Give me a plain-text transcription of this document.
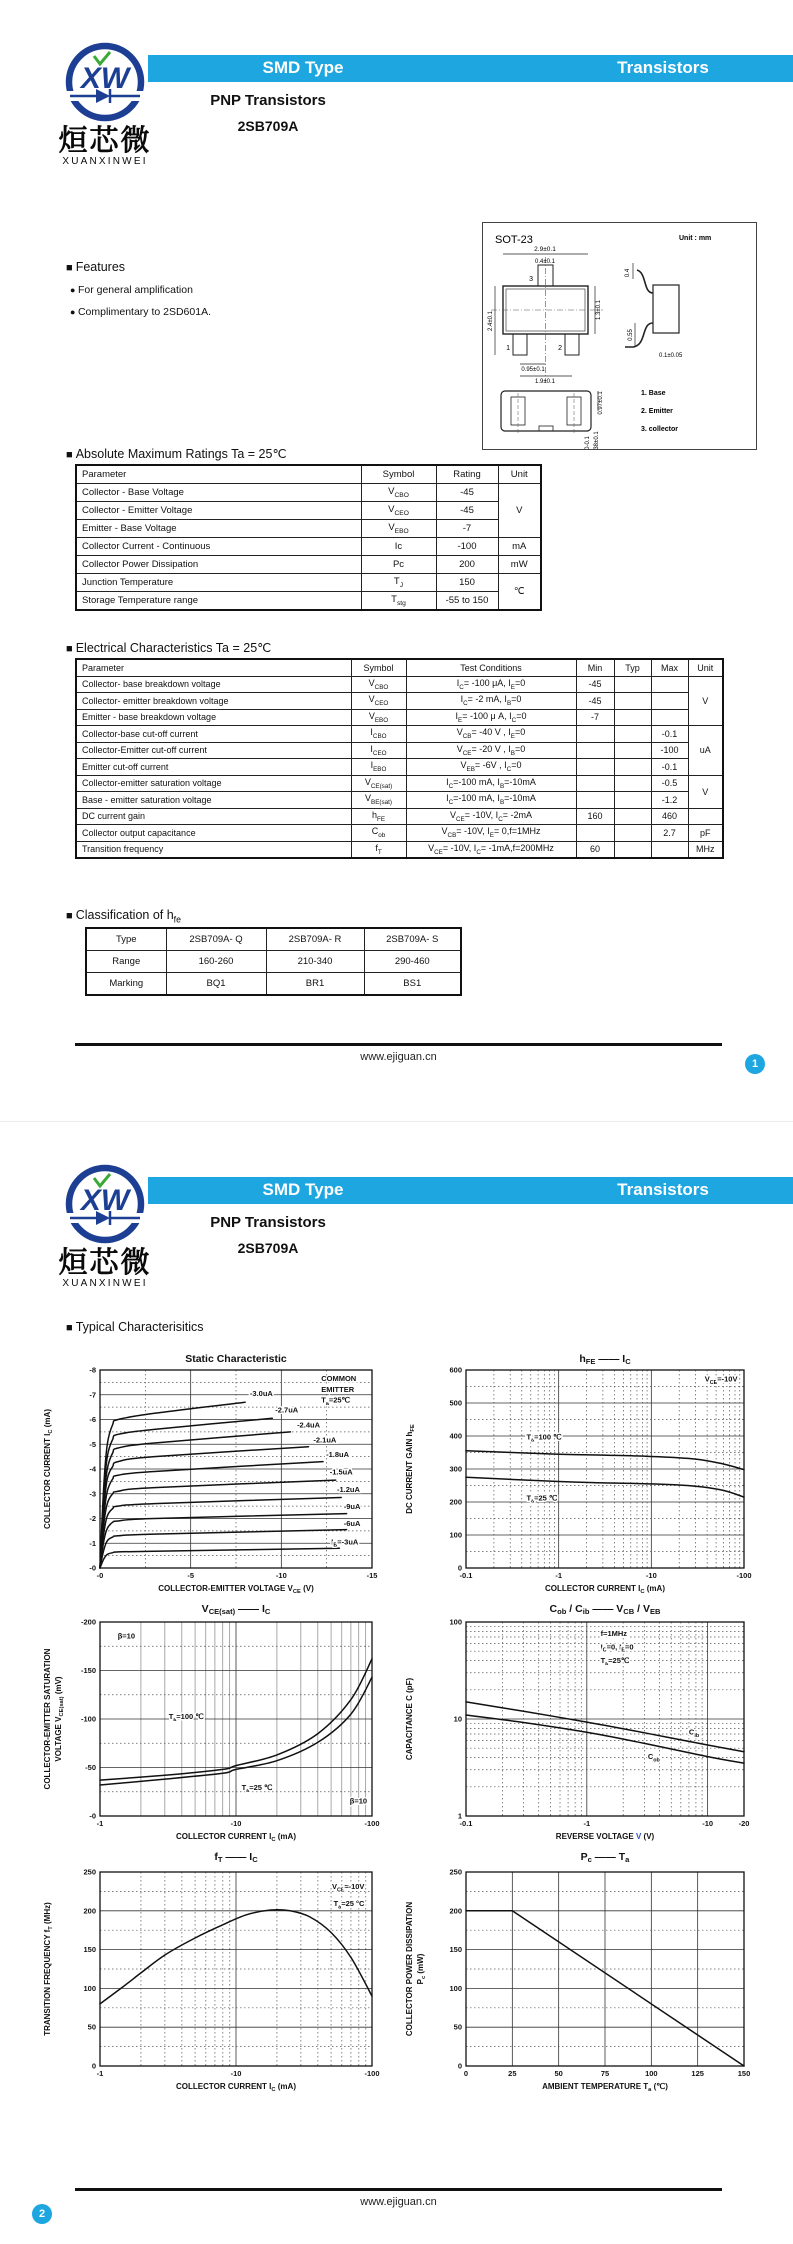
XW
烜芯微
XUANXINWEI
SMD Type	Transistors
PNP Transistors
2SB709A
■ Features
● For general amplification
● Complimentary to 2SD601A.
SOT-23	Unit : mm
2.9±0.1
0.4±0.1
3
1	2
2.4±0.1
1.3±0.1
0.95±0.1
1.9±0.1
0.4
0.55
0.1±0.05
0.97±0.1
0-0.1 0.38±0.1
1. Base
2. Emitter
3. collector
■ Absolute Maximum Ratings Ta = 25℃
Parameter	Symbol	Rating	Unit
Collector - Base Voltage	$V_{CBO}$	-45	V
Collector - Emitter Voltage	$V_{CEO}$	-45	
Emitter - Base Voltage	$V_{EBO}$	-7	
Collector Current - Continuous	Ic	-100	mA
Collector Power Dissipation	Pc	200	mW
Junction Temperature	$T_J$	150	℃
Storage Temperature range	$T_{stg}$	-55 to 150	
■ Electrical Characteristics Ta = 25℃
Parameter	Symbol	Test Conditions	Min	Typ	Max	Unit
Collector- base breakdown voltage	$V_{CBO}$	$I_C= -100$ μA, $I_E=0$	-45			V
Collector- emitter breakdown voltage	$V_{CEO}$	$I_C= -2$ mA, $I_B=0$	-45			
Emitter - base breakdown voltage	$V_{EBO}$	$I_E= -100$ μ A, $I_C=0$	-7			
Collector-base cut-off current	$I_{CBO}$	$V_{CB}= -40$ V , $I_E=0$			-0.1	uA
Collector-Emitter cut-off current	$I_{CEO}$	$V_{CE}= -20$ V , $I_B=0$			-100	
Emitter cut-off current	$I_{EBO}$	$V_{EB}= -6V$ , $I_C=0$			-0.1	
Collector-emitter saturation voltage	$V_{CE(sat)}$	$I_C=-100$ mA, $I_B=-10mA$			-0.5	V
Base - emitter saturation voltage	$V_{BE(sat)}$	$I_C=-100$ mA, $I_B=-10mA$			-1.2	
DC current gain	$h_{FE}$	$V_{CE}= -10V$, $I_C= -2mA$	160		460	
Collector output capacitance	$C_{ob}$	$V_{CB}= -10V$, $I_E= 0,f=1MHz$			2.7	pF
Transition frequency	$f_T$	$V_{CE}= -10V$, $I_C= -1mA,f=200MHz$	60			MHz
■ Classification of $h_{fe}$
Type	2SB709A- Q	2SB709A- R	2SB709A- S
Range	160-260	210-340	290-460
Marking	BQ1	BR1	BS1
www.ejiguan.cn
1
XW
烜芯微
XUANXINWEI
SMD Type	Transistors
PNP Transistors
2SB709A
■ Typical Characterisitics
COMMON
EMITTER
$T_a=25℃$
-3.0uA
-2.7uA
-2.4uA
-2.1uA
-1.8uA
-1.5uA
-1.2uA
-9uA
-6uA
$I_B=-3uA$
-0	-5	-10	-15
-0
-1
-2
-3
-4
-5
-6
-7
-8
Static Characteristic
COLLECTOR-EMITTER VOLTAGE $V_{CE}$ (V)
COLLECTOR CURRENT $I_C$ (mA)
$T_a=100$ ℃
$T_a=25$ ℃
$V_{CE}=-10V$
-0.1	-1	-10	-100
0
100
200
300
400
500
600
$h_{FE}$ —— $I_C$
COLLECTOR CURRENT $I_C$ (mA)
DC CURRENT GAIN $h_{FE}$
β=10
$T_a=100$ ℃
$T_a=25$ ℃
β=10
-1	-10	-100
-0
-50
-100
-150
-200
$V_{CE(sat)}$ —— $I_C$
COLLECTOR CURRENT $I_C$ (mA)
COLLECTOR-EMITTER SATURATION VOLTAGE $V_{CE(sat)}$ (mV)
f=1MHz
$I_C=0$, $I_E=0$
$T_a=25℃$
$C_{ib}$
$C_{ob}$
-0.1	-1	-10	-20
1
10
100
$C_{ob} / C_{ib}$ —— $V_{CB} / V_{EB}$
REVERSE VOLTAGE V (V)
CAPACITANCE C (pF)
$V_{CE}\approx-10V$
$T_a=25$ °C
-1	-10	-100
0
50
100
150
200
250
$f_T$ —— $I_C$
COLLECTOR CURRENT $I_C$ (mA)
TRANSITION FREQUENCY $f_T$ (MHz)
0	25	50	75	100	125	150
0
50
100
150
200
250
$P_c$ —— $T_a$
AMBIENT TEMPERATURE $T_a$ (℃)
COLLECTOR POWER DISSIPATION $P_c$ (mW)
www.ejiguan.cn
2
